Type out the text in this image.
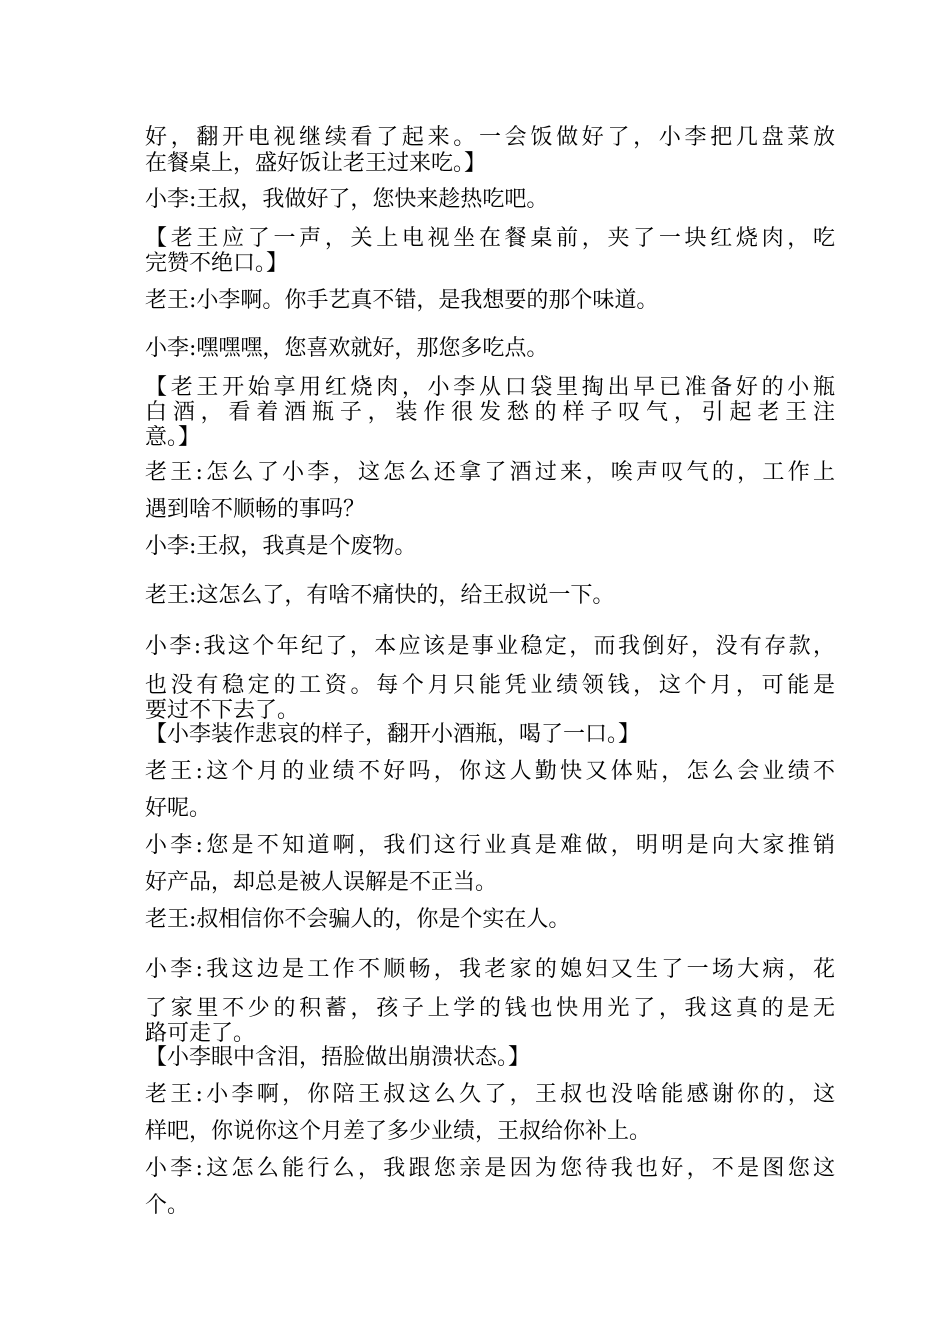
好，翻开电视继续看了起来。一会饭做好了，小李把几盘菜放
在餐桌上，盛好饭让老王过来吃。】
小李:王叔，我做好了，您快来趁热吃吧。
【老王应了一声，关上电视坐在餐桌前，夹了一块红烧肉，吃
完赞不绝口。】
老王:小李啊。你手艺真不错，是我想要的那个味道。
小李:嘿嘿嘿，您喜欢就好，那您多吃点。
【老王开始享用红烧肉，小李从口袋里掏出早已准备好的小瓶
白酒，看着酒瓶子，装作很发愁的样子叹气，引起老王注
意。】
老王:怎么了小李，这怎么还拿了酒过来，唉声叹气的，工作上
遇到啥不顺畅的事吗？
小李:王叔，我真是个废物。
老王:这怎么了，有啥不痛快的，给王叔说一下。
小李:我这个年纪了，本应该是事业稳定，而我倒好，没有存款，
也没有稳定的工资。每个月只能凭业绩领钱，这个月，可能是
要过不下去了。
【小李装作悲哀的样子，翻开小酒瓶，喝了一口。】
老王:这个月的业绩不好吗，你这人勤快又体贴，怎么会业绩不
好呢。
小李:您是不知道啊，我们这行业真是难做，明明是向大家推销
好产品，却总是被人误解是不正当。
老王:叔相信你不会骗人的，你是个实在人。
小李:我这边是工作不顺畅，我老家的媳妇又生了一场大病，花
了家里不少的积蓄，孩子上学的钱也快用光了，我这真的是无
路可走了。
【小李眼中含泪，捂脸做出崩溃状态。】
老王:小李啊，你陪王叔这么久了，王叔也没啥能感谢你的，这
样吧，你说你这个月差了多少业绩，王叔给你补上。
小李:这怎么能行么，我跟您亲是因为您待我也好，不是图您这
个。
